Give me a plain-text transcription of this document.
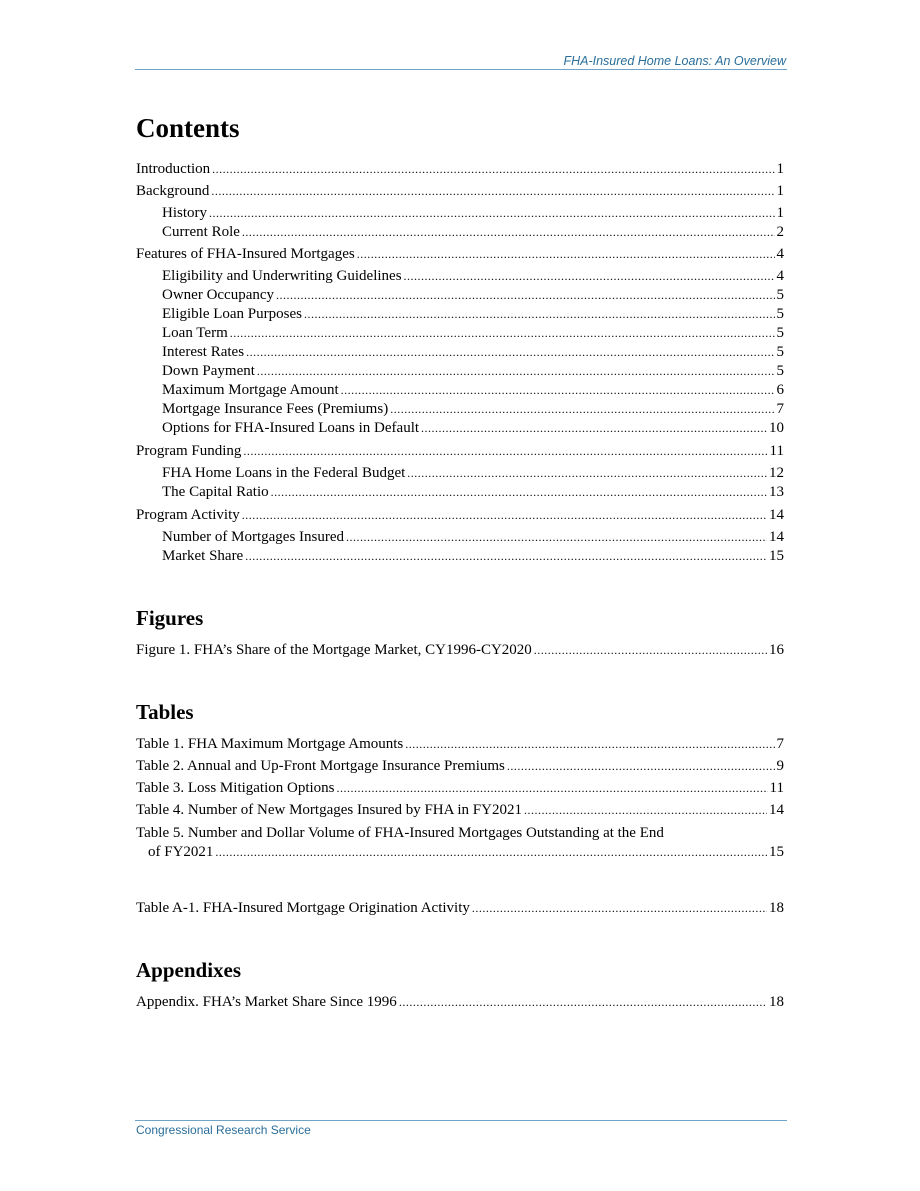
FHA-Insured Home Loans: An Overview
Contents
Introduction .....	1
Background .....	1
History .....	1
Current Role .....	2
Features of FHA-Insured Mortgages .....	4
Eligibility and Underwriting Guidelines .....	4
Owner Occupancy .....	5
Eligible Loan Purposes .....	5
Loan Term .....	5
Interest Rates .....	5
Down Payment .....	5
Maximum Mortgage Amount .....	6
Mortgage Insurance Fees (Premiums) .....	7
Options for FHA-Insured Loans in Default .....	10
Program Funding .....	11
FHA Home Loans in the Federal Budget .....	12
The Capital Ratio .....	13
Program Activity .....	14
Number of Mortgages Insured .....	14
Market Share .....	15
Figures
Figure 1. FHA’s Share of the Mortgage Market, CY1996-CY2020 .....	16
Tables
Table 1. FHA Maximum Mortgage Amounts .....	7
Table 2. Annual and Up-Front Mortgage Insurance Premiums .....	9
Table 3. Loss Mitigation Options .....	11
Table 4. Number of New Mortgages Insured by FHA in FY2021 .....	14
Table 5. Number and Dollar Volume of FHA-Insured Mortgages Outstanding at the End
of FY2021 .....	15
Table A-1. FHA-Insured Mortgage Origination Activity .....	18
Appendixes
Appendix. FHA’s Market Share Since 1996 .....	18
Congressional Research Service
